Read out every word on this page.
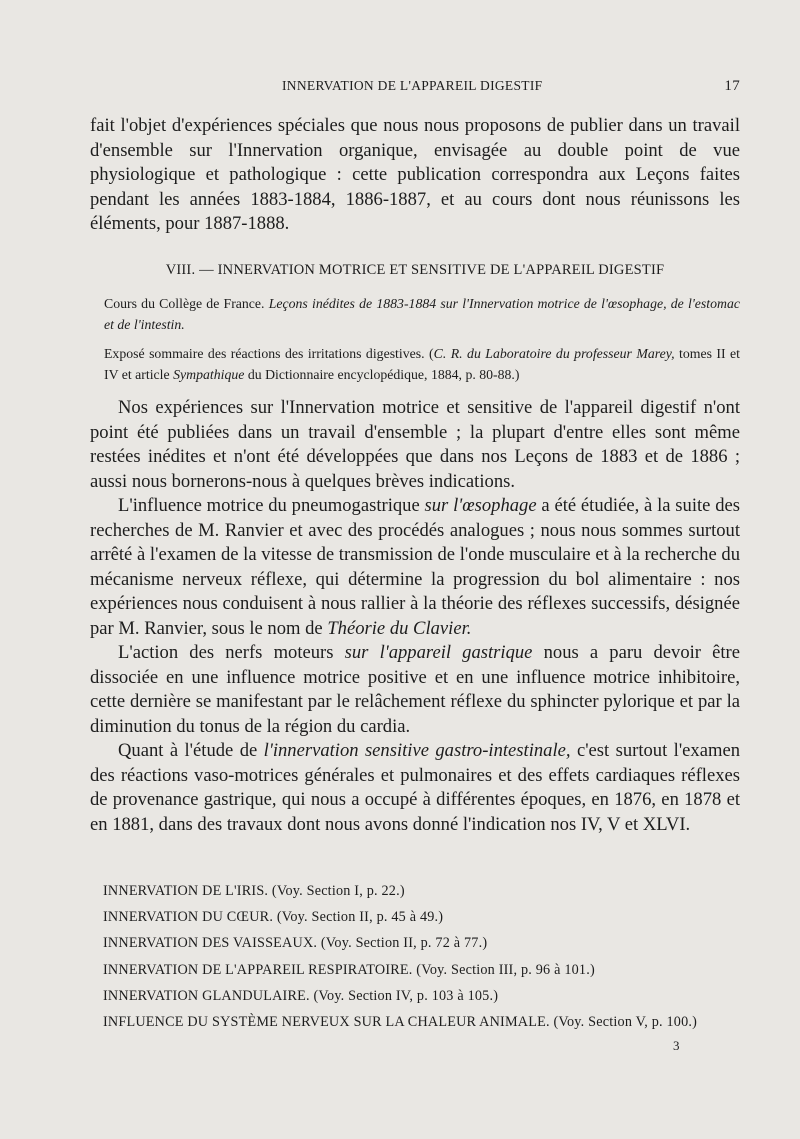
INNERVATION DE L'APPAREIL DIGESTIF	17
fait l'objet d'expériences spéciales que nous nous proposons de publier dans un travail d'ensemble sur l'Innervation organique, envisagée au double point de vue physiologique et pathologique : cette publication correspondra aux Leçons faites pendant les années 1883-1884, 1886-1887, et au cours dont nous réunissons les éléments, pour 1887-1888.
VIII. — INNERVATION MOTRICE ET SENSITIVE DE L'APPAREIL DIGESTIF
Cours du Collège de France. Leçons inédites de 1883-1884 sur l'Innervation motrice de l'œsophage, de l'estomac et de l'intestin.
Exposé sommaire des réactions des irritations digestives. (C. R. du Laboratoire du professeur Marey, tomes II et IV et article Sympathique du Dictionnaire encyclopédique, 1884, p. 80-88.)

Nos expériences sur l'Innervation motrice et sensitive de l'appareil digestif n'ont point été publiées dans un travail d'ensemble ; la plupart d'entre elles sont même restées inédites et n'ont été développées que dans nos Leçons de 1883 et de 1886 ; aussi nous bornerons-nous à quelques brèves indications.

L'influence motrice du pneumogastrique sur l'œsophage a été étudiée, à la suite des recherches de M. Ranvier et avec des procédés analogues ; nous nous sommes surtout arrêté à l'examen de la vitesse de transmission de l'onde musculaire et à la recherche du mécanisme nerveux réflexe, qui détermine la progression du bol alimentaire : nos expériences nous conduisent à nous rallier à la théorie des réflexes successifs, désignée par M. Ranvier, sous le nom de Théorie du Clavier.

L'action des nerfs moteurs sur l'appareil gastrique nous a paru devoir être dissociée en une influence motrice positive et en une influence motrice inhibitoire, cette dernière se manifestant par le relâchement réflexe du sphincter pylorique et par la diminution du tonus de la région du cardia.

Quant à l'étude de l'innervation sensitive gastro-intestinale, c'est surtout l'examen des réactions vaso-motrices générales et pulmonaires et des effets cardiaques réflexes de provenance gastrique, qui nous a occupé à différentes époques, en 1876, en 1878 et en 1881, dans des travaux dont nous avons donné l'indication nos IV, V et XLVI.

INNERVATION DE L'IRIS. (Voy. Section I, p. 22.)
INNERVATION DU CŒUR. (Voy. Section II, p. 45 à 49.)
INNERVATION DES VAISSEAUX. (Voy. Section II, p. 72 à 77.)
INNERVATION DE L'APPAREIL RESPIRATOIRE. (Voy. Section III, p. 96 à 101.)
INNERVATION GLANDULAIRE. (Voy. Section IV, p. 103 à 105.)
INFLUENCE DU SYSTÈME NERVEUX SUR LA CHALEUR ANIMALE. (Voy. Section V, p. 100.)
3
